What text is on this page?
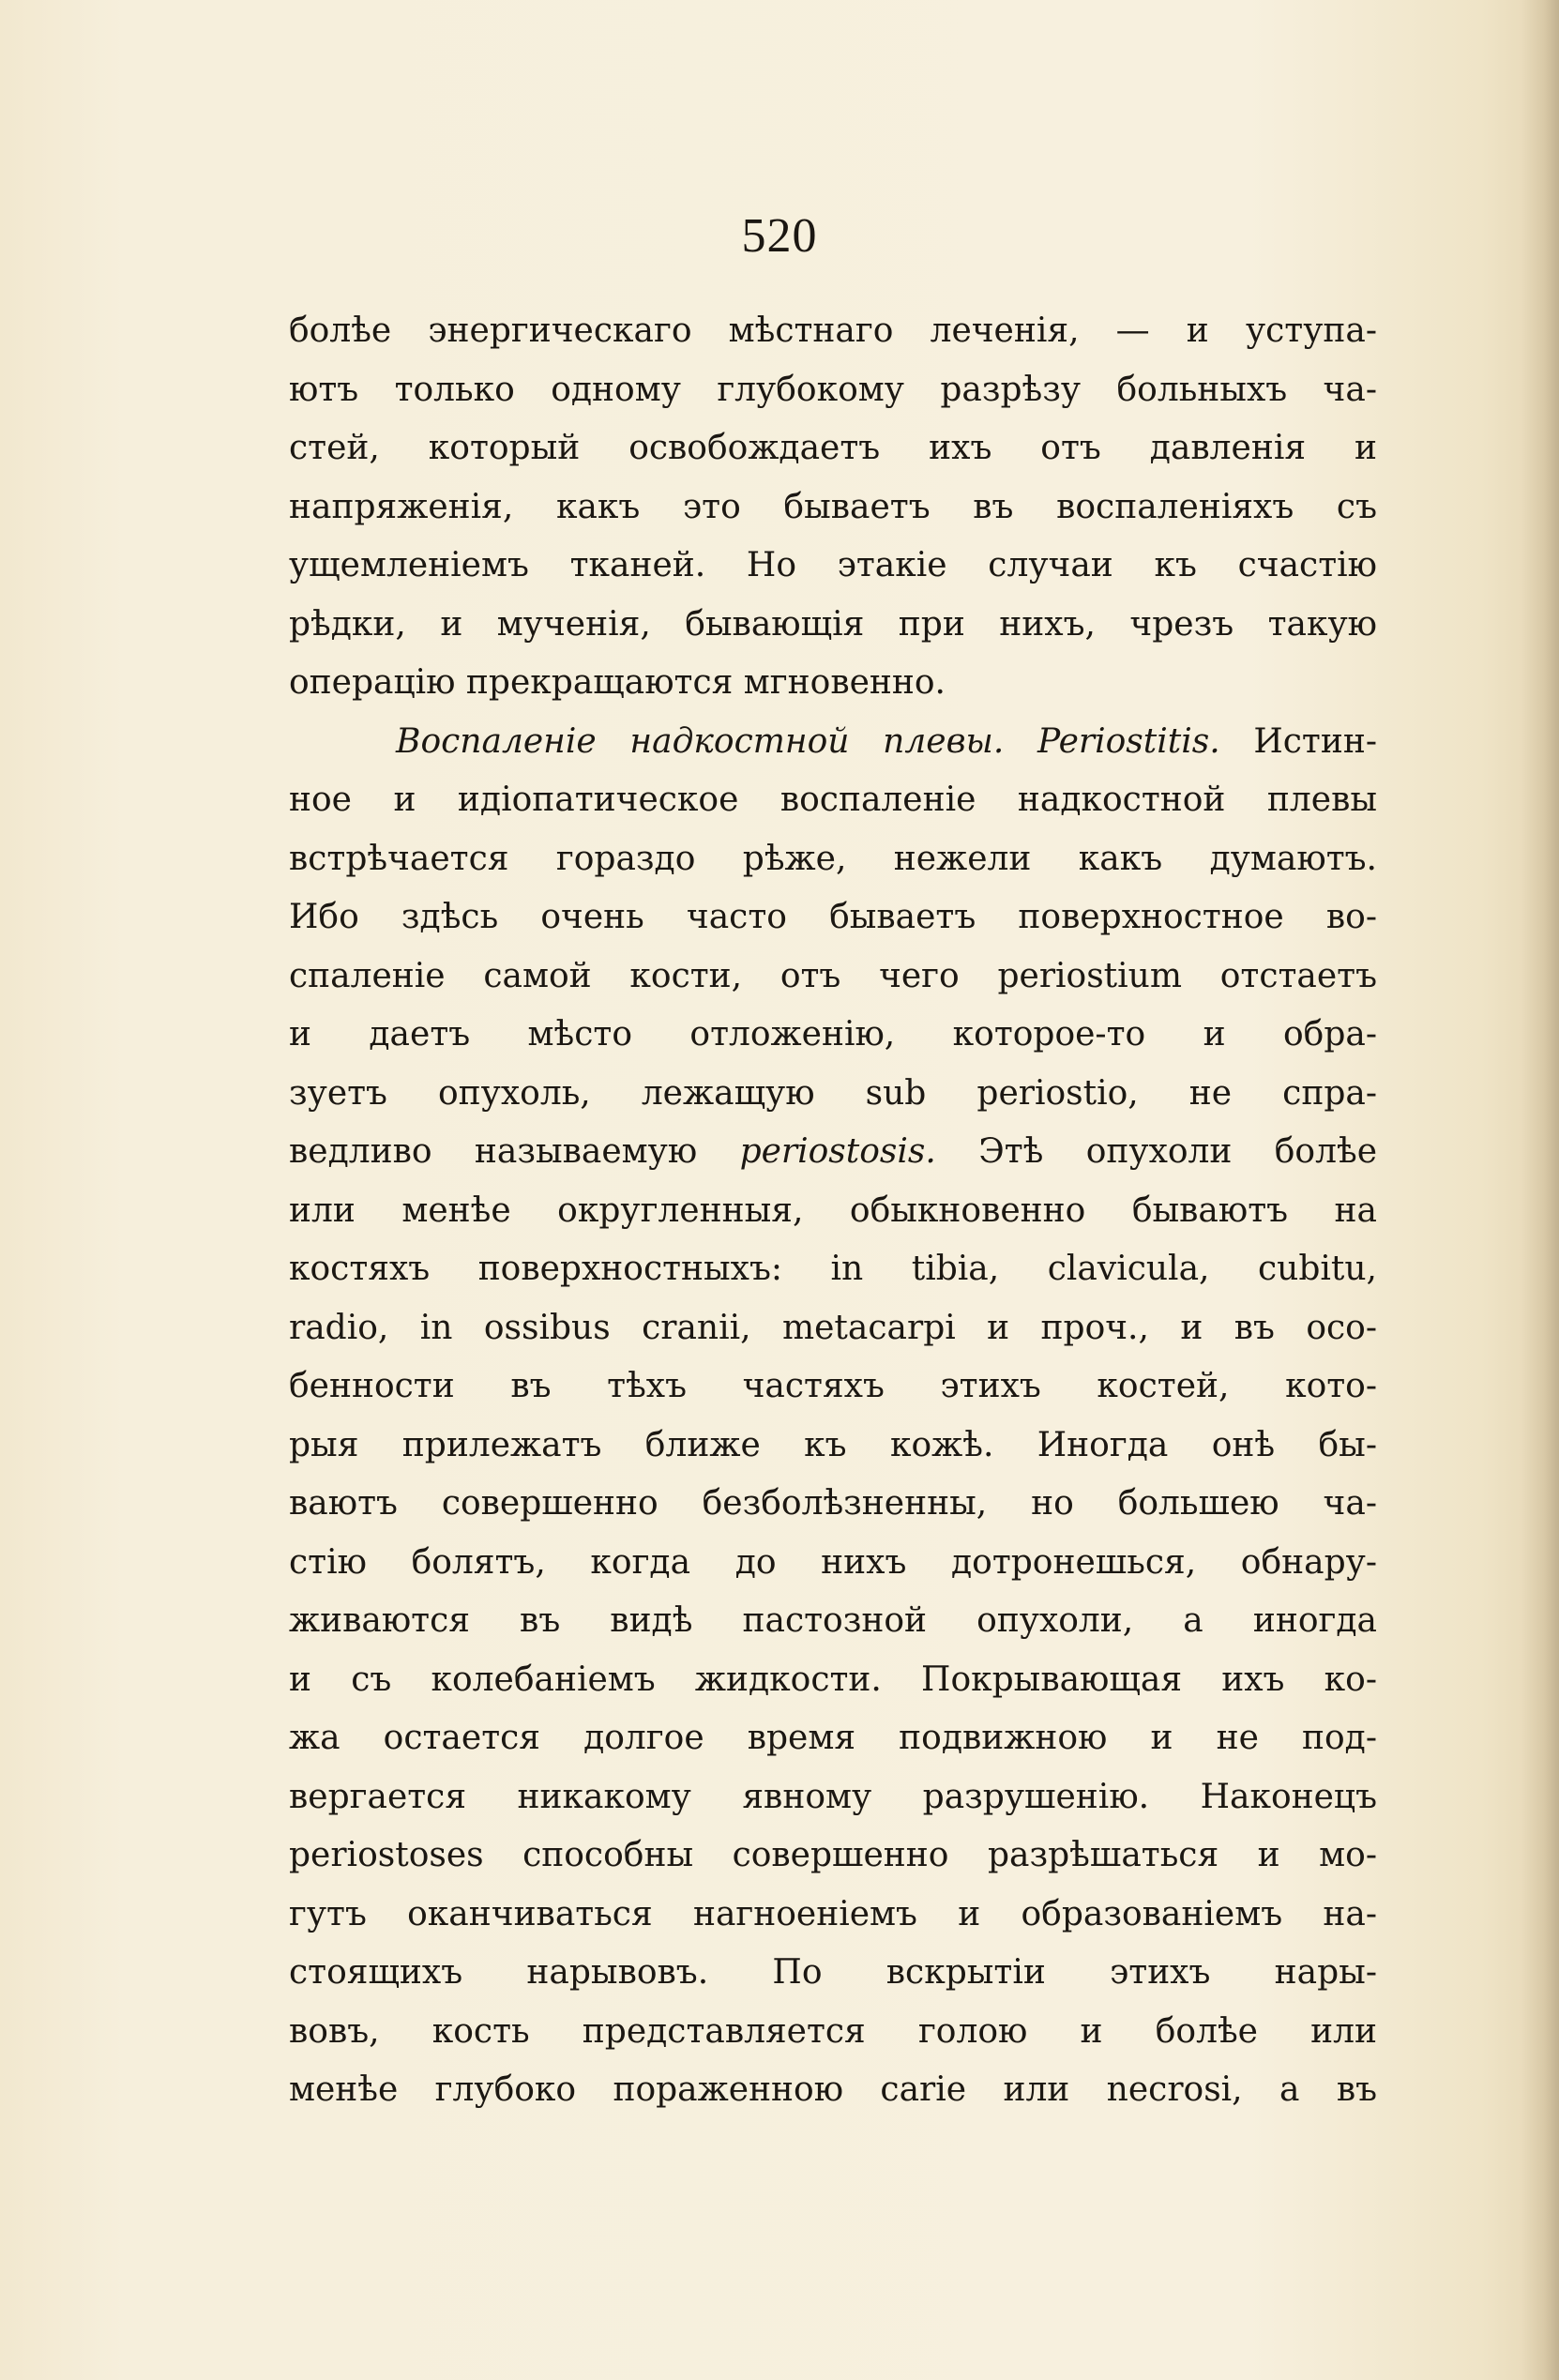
520
болѣе энергическаго мѣстнаго леченія, — и уступа-
ютъ только одному глубокому разрѣзу больныхъ ча-
стей, который освобождаетъ ихъ отъ давленія и
напряженія, какъ это бываетъ въ воспаленіяхъ съ
ущемленіемъ тканей. Но этакіе случаи къ счастію
рѣдки, и мученія, бывающія при нихъ, чрезъ такую
операцію прекращаются мгновенно.
Воспаленіе надкостной плевы. Periostitis. Истин-
ное и идіопатическое воспаленіе надкостной плевы
встрѣчается гораздо рѣже, нежели какъ думаютъ.
Ибо здѣсь очень часто бываетъ поверхностное во-
спаленіе самой кости, отъ чего periostium отстаетъ
и даетъ мѣсто отложенію, которое-то и обра-
зуетъ опухоль, лежащую sub periostio, не спра-
ведливо называемую periostosis. Этѣ опухоли болѣе
или менѣе округленныя, обыкновенно бываютъ на
костяхъ поверхностныхъ: in tibia, clavicula, cubitu,
radio, in ossibus cranii, metacarpi и проч., и въ осо-
бенности въ тѣхъ частяхъ этихъ костей, кото-
рыя прилежатъ ближе къ кожѣ. Иногда онѣ бы-
ваютъ совершенно безболѣзненны, но большею ча-
стію болятъ, когда до нихъ дотронешься, обнару-
живаются въ видѣ пастозной опухоли, а иногда
и съ колебаніемъ жидкости. Покрывающая ихъ ко-
жа остается долгое время подвижною и не под-
вергается никакому явному разрушенію. Наконецъ
periostoses способны совершенно разрѣшаться и мо-
гутъ оканчиваться нагноеніемъ и образованіемъ на-
стоящихъ нарывовъ. По вскрытіи этихъ нары-
вовъ, кость представляется голою и болѣе или
менѣе глубоко пораженною carie или necrosi, а въ
